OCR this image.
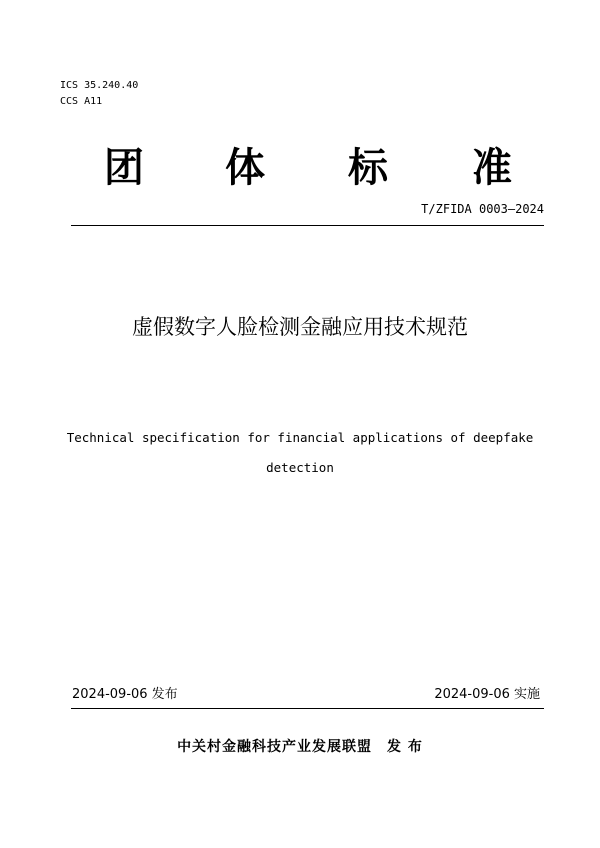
ICS 35.240.40
CCS A11
团 体 标 准
T/ZFIDA 0003—2024
虚假数字人脸检测金融应用技术规范
Technical specification for financial applications of deepfake
detection
2024-09-06 发布	2024-09-06 实施
中关村金融科技产业发展联盟　发 布
